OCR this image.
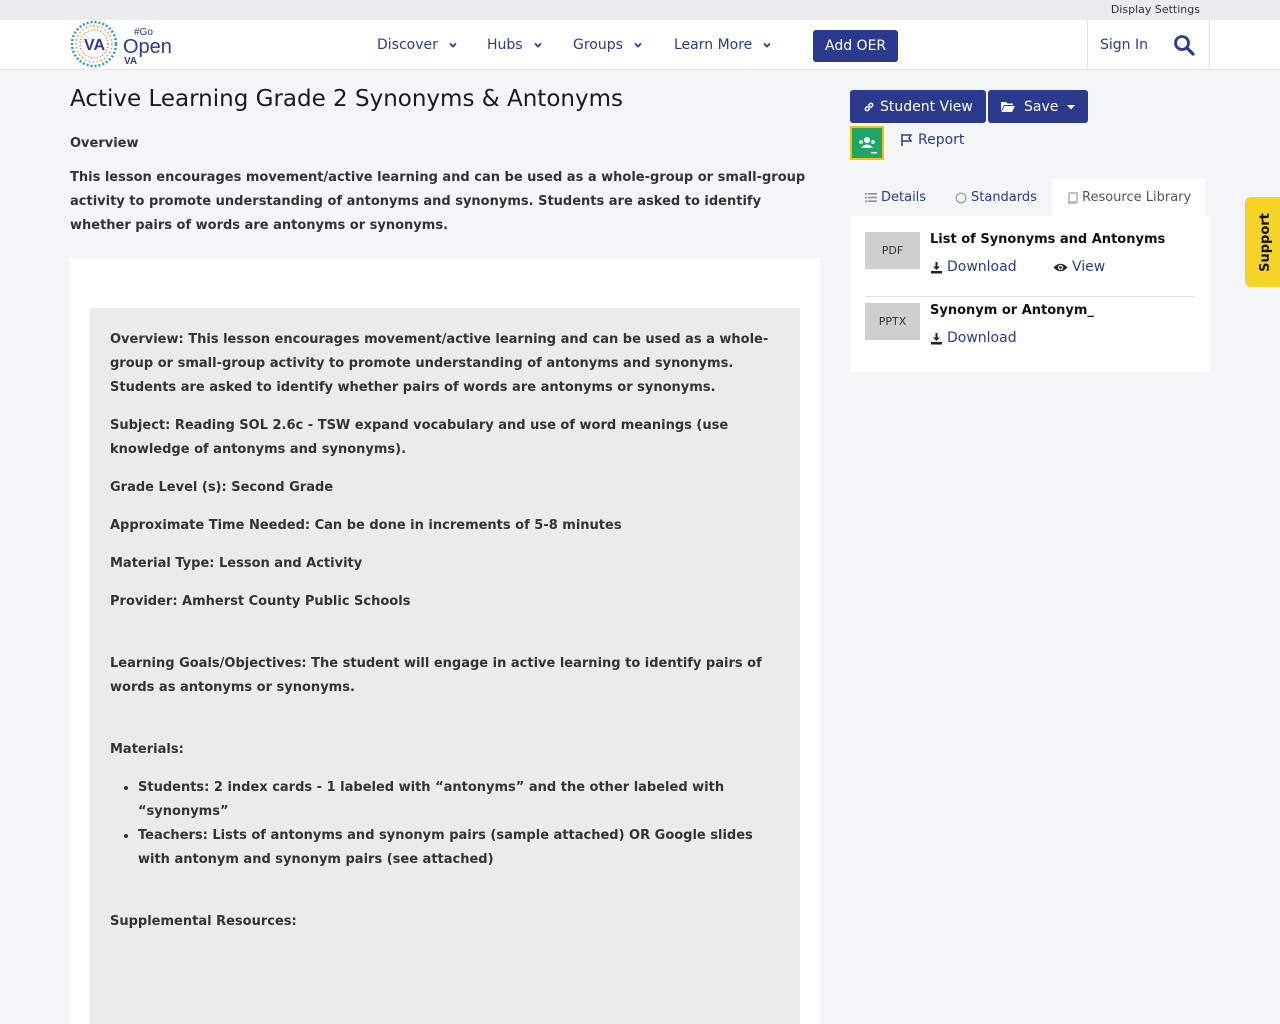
Display Settings
VA
#Go
Open
VA
Discover	Hubs	Groups	Learn More	Add OER	Sign In
Active Learning Grade 2 Synonyms & Antonyms
Overview
This lesson encourages movement/active learning and can be used as a whole-group or small-group activity to promote understanding of antonyms and synonyms. Students are asked to identify whether pairs of words are antonyms or synonyms.

Overview: This lesson encourages movement/active learning and can be used as a whole-group or small-group activity to promote understanding of antonyms and synonyms. Students are asked to identify whether pairs of words are antonyms or synonyms.

Subject: Reading SOL 2.6c - TSW expand vocabulary and use of word meanings (use knowledge of antonyms and synonyms).

Grade Level (s): Second Grade

Approximate Time Needed: Can be done in increments of 5-8 minutes

Material Type: Lesson and Activity

Provider: Amherst County Public Schools

Learning Goals/Objectives: The student will engage in active learning to identify pairs of words as antonyms or synonyms.

Materials:

• Students: 2 index cards - 1 labeled with “antonyms” and the other labeled with “synonyms”
• Teachers: Lists of antonyms and synonym pairs (sample attached) OR Google slides with antonym and synonym pairs (see attached)

Supplemental Resources:

Student View	Save
Report
Details	Standards	Resource Library
PDF
List of Synonyms and Antonyms
Download	View
PPTX
Synonym or Antonym_
Download
Support
